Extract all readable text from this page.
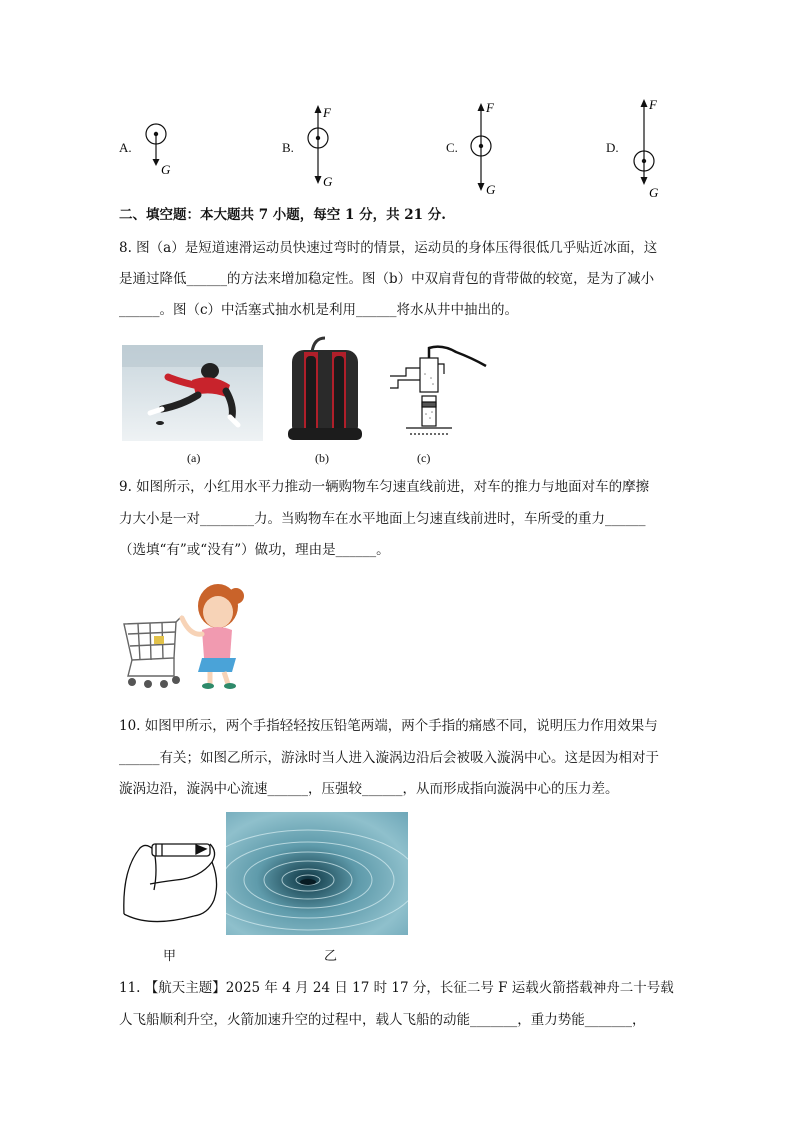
A.
G
B.
F
G
C.
F
G
D.
F
G
二、填空题：本大题共 7 小题，每空 1 分，共 21 分.
8. 图（a）是短道速滑运动员快速过弯时的情景，运动员的身体压得很低几乎贴近冰面，这
是通过降低______的方法来增加稳定性。图（b）中双肩背包的背带做的较宽，是为了减小
______。图（c）中活塞式抽水机是利用______将水从井中抽出的。
(a)	(b)	(c)
9. 如图所示，小红用水平力推动一辆购物车匀速直线前进，对车的推力与地面对车的摩擦
力大小是一对________力。当购物车在水平地面上匀速直线前进时，车所受的重力______
（选填“有”或“没有”）做功，理由是______。
10. 如图甲所示，两个手指轻轻按压铅笔两端，两个手指的痛感不同，说明压力作用效果与
______有关；如图乙所示，游泳时当人进入漩涡边沿后会被吸入漩涡中心。这是因为相对于
漩涡边沿，漩涡中心流速______，压强较______，从而形成指向漩涡中心的压力差。
甲	乙
11. 【航天主题】2025 年 4 月 24 日 17 时 17 分，长征二号 F 运载火箭搭载神舟二十号载
人飞船顺利升空，火箭加速升空的过程中，载人飞船的动能_______，重力势能_______，
